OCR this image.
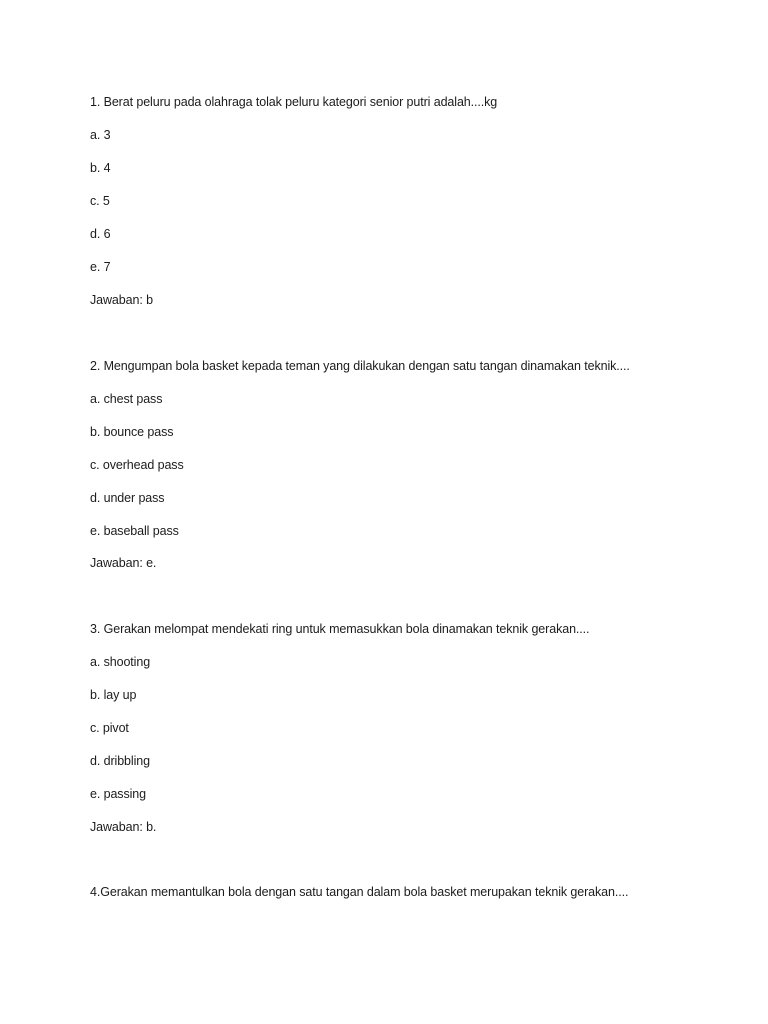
1. Berat peluru pada olahraga tolak peluru kategori senior putri adalah....kg
a. 3
b. 4
c. 5
d. 6
e. 7
Jawaban: b
2. Mengumpan bola basket kepada teman yang dilakukan dengan satu tangan dinamakan teknik....
a. chest pass
b. bounce pass
c. overhead pass
d. under pass
e. baseball pass
Jawaban: e.
3. Gerakan melompat mendekati ring untuk memasukkan bola dinamakan teknik gerakan....
a. shooting
b. lay up
c. pivot
d. dribbling
e. passing
Jawaban: b.
4.Gerakan memantulkan bola dengan satu tangan dalam bola basket merupakan teknik gerakan....
